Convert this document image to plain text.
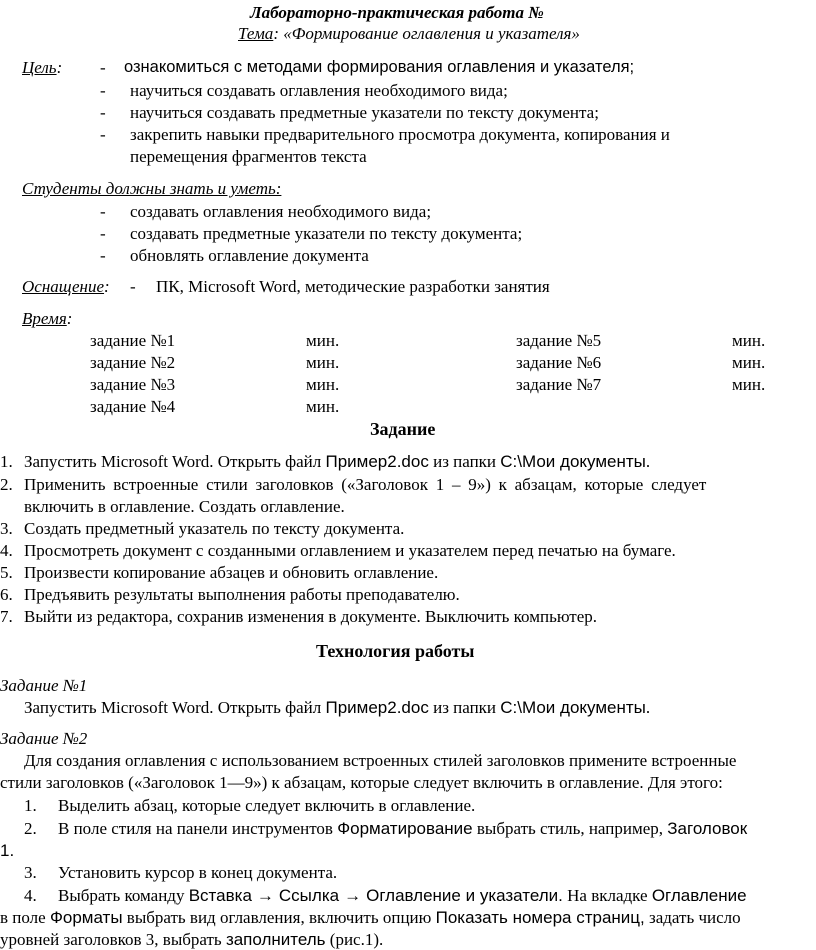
Лабораторно-практическая работа №
Тема: «Формирование оглавления и указателя»
Цель: - ознакомиться с методами формирования оглавления и указателя;
- научиться создавать оглавления необходимого вида;
- научиться создавать предметные указатели по тексту документа;
- закрепить навыки предварительного просмотра документа, копирования и
перемещения фрагментов текста
Студенты должны знать и уметь:
- создавать оглавления необходимого вида;
- создавать предметные указатели по тексту документа;
- обновлять оглавление документа
Оснащение: - ПК, Microsoft Word, методические разработки занятия
Время:
задание №1	мин.	задание №5	мин.
задание №2	мин.	задание №6	мин.
задание №3	мин.	задание №7	мин.
задание №4	мин.
Задание
1. Запустить Microsoft Word. Открыть файл Пример2.doc из папки C:\Мои документы.
2. Применить встроенные стили заголовков («Заголовок 1 – 9») к абзацам, которые следует
включить в оглавление. Создать оглавление.
3. Создать предметный указатель по тексту документа.
4. Просмотреть документ с созданными оглавлением и указателем перед печатью на бумаге.
5. Произвести копирование абзацев и обновить оглавление.
6. Предъявить результаты выполнения работы преподавателю.
7. Выйти из редактора, сохранив изменения в документе. Выключить компьютер.
Технология работы
Задание №1
Запустить Microsoft Word. Открыть файл Пример2.doc из папки C:\Мои документы.
Задание №2
Для создания оглавления с использованием встроенных стилей заголовков примените встроенные
стили заголовков («Заголовок 1—9») к абзацам, которые следует включить в оглавление. Для этого:
1. Выделить абзац, которые следует включить в оглавление.
2. В поле стиля на панели инструментов Форматирование выбрать стиль, например, Заголовок
1.
3. Установить курсор в конец документа.
4. Выбрать команду Вставка → Ссылка → Оглавление и указатели. На вкладке Оглавление
в поле Форматы выбрать вид оглавления, включить опцию Показать номера страниц, задать число
уровней заголовков 3, выбрать заполнитель (рис.1).
